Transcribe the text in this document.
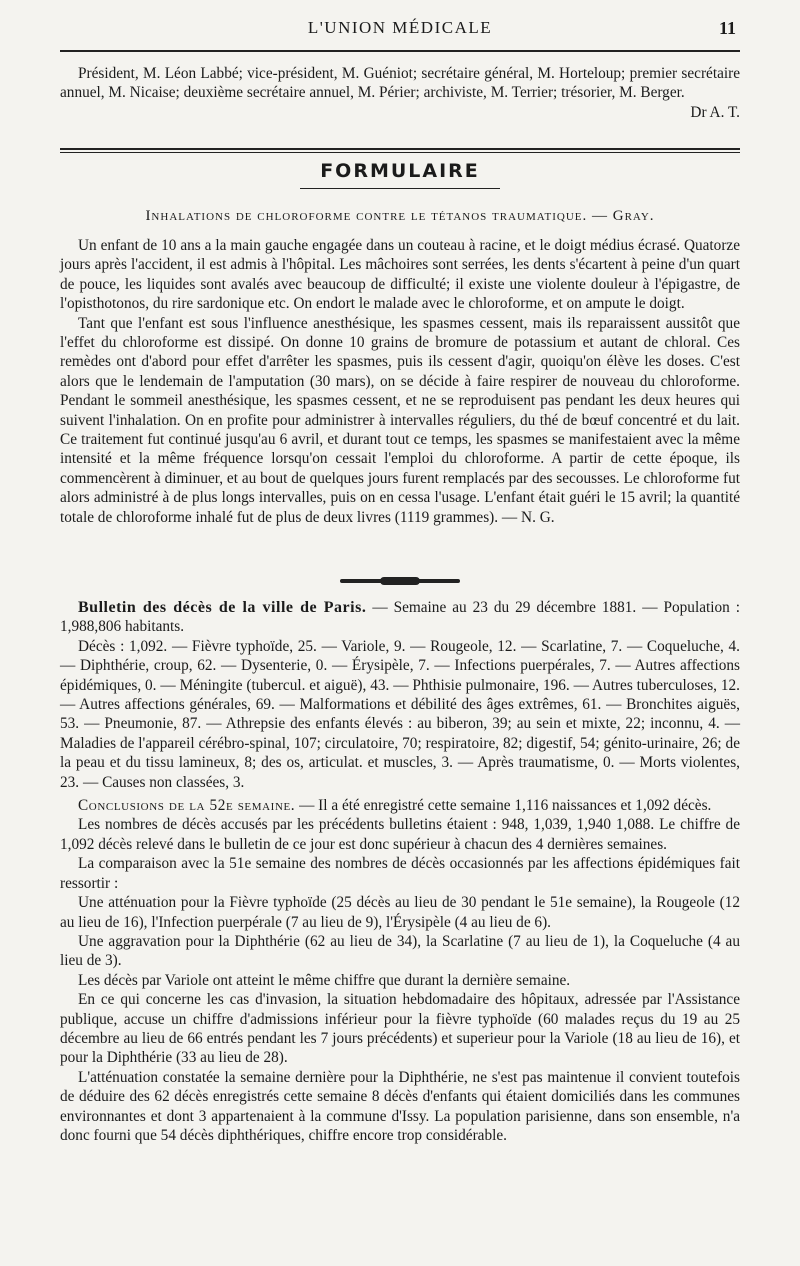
L'UNION MÉDICALE	11

Président, M. Léon Labbé; vice-président, M. Guéniot; secrétaire général, M. Horteloup; premier secrétaire annuel, M. Nicaise; deuxième secrétaire annuel, M. Périer; archiviste, M. Terrier; trésorier, M. Berger.

Dr A. T.

FORMULAIRE
Inhalations de chloroforme contre le tétanos traumatique. — Gray.

Un enfant de 10 ans a la main gauche engagée dans un couteau à racine, et le doigt médius écrasé. Quatorze jours après l'accident, il est admis à l'hôpital. Les mâchoires sont serrées, les dents s'écartent à peine d'un quart de pouce, les liquides sont avalés avec beaucoup de difficulté; il existe une violente douleur à l'épigastre, de l'opisthotonos, du rire sardonique etc. On endort le malade avec le chloroforme, et on ampute le doigt.

Tant que l'enfant est sous l'influence anesthésique, les spasmes cessent, mais ils reparaissent aussitôt que l'effet du chloroforme est dissipé. On donne 10 grains de bromure de potassium et autant de chloral. Ces remèdes ont d'abord pour effet d'arrêter les spasmes, puis ils cessent d'agir, quoiqu'on élève les doses. C'est alors que le lendemain de l'amputation (30 mars), on se décide à faire respirer de nouveau du chloroforme. Pendant le sommeil anesthésique, les spasmes cessent, et ne se reproduisent pas pendant les deux heures qui suivent l'inhalation. On en profite pour administrer à intervalles réguliers, du thé de bœuf concentré et du lait. Ce traitement fut continué jusqu'au 6 avril, et durant tout ce temps, les spasmes se manifestaient avec la même intensité et la même fréquence lorsqu'on cessait l'emploi du chloroforme. A partir de cette époque, ils commencèrent à diminuer, et au bout de quelques jours furent remplacés par des secousses. Le chloroforme fut alors administré à de plus longs intervalles, puis on en cessa l'usage. L'enfant était guéri le 15 avril; la quantité totale de chloroforme inhalé fut de plus de deux livres (1119 grammes). — N. G.

Bulletin des décès de la ville de Paris. — Semaine au 23 du 29 décembre 1881. — Population : 1,988,806 habitants.

Décès : 1,092. — Fièvre typhoïde, 25. — Variole, 9. — Rougeole, 12. — Scarlatine, 7. — Coqueluche, 4. — Diphthérie, croup, 62. — Dysenterie, 0. — Érysipèle, 7. — Infections puerpérales, 7. — Autres affections épidémiques, 0. — Méningite (tubercul. et aiguë), 43. — Phthisie pulmonaire, 196. — Autres tuberculoses, 12. — Autres affections générales, 69. — Malformations et débilité des âges extrêmes, 61. — Bronchites aiguës, 53. — Pneumonie, 87. — Athrepsie des enfants élevés : au biberon, 39; au sein et mixte, 22; inconnu, 4. — Maladies de l'appareil cérébro-spinal, 107; circulatoire, 70; respiratoire, 82; digestif, 54; génito-urinaire, 26; de la peau et du tissu lamineux, 8; des os, articulat. et muscles, 3. — Après traumatisme, 0. — Morts violentes, 23. — Causes non classées, 3.

Conclusions de la 52e semaine. — Il a été enregistré cette semaine 1,116 naissances et 1,092 décès.

Les nombres de décès accusés par les précédents bulletins étaient : 948, 1,039, 1,940 1,088. Le chiffre de 1,092 décès relevé dans le bulletin de ce jour est donc supérieur à chacun des 4 dernières semaines.

La comparaison avec la 51e semaine des nombres de décès occasionnés par les affections épidémiques fait ressortir :

Une atténuation pour la Fièvre typhoïde (25 décès au lieu de 30 pendant le 51e semaine), la Rougeole (12 au lieu de 16), l'Infection puerpérale (7 au lieu de 9), l'Érysipèle (4 au lieu de 6).

Une aggravation pour la Diphthérie (62 au lieu de 34), la Scarlatine (7 au lieu de 1), la Coqueluche (4 au lieu de 3).

Les décès par Variole ont atteint le même chiffre que durant la dernière semaine.

En ce qui concerne les cas d'invasion, la situation hebdomadaire des hôpitaux, adressée par l'Assistance publique, accuse un chiffre d'admissions inférieur pour la fièvre typhoïde (60 malades reçus du 19 au 25 décembre au lieu de 66 entrés pendant les 7 jours précédents) et superieur pour la Variole (18 au lieu de 16), et pour la Diphthérie (33 au lieu de 28).

L'atténuation constatée la semaine dernière pour la Diphthérie, ne s'est pas maintenue il convient toutefois de déduire des 62 décès enregistrés cette semaine 8 décès d'enfants qui étaient domiciliés dans les communes environnantes et dont 3 appartenaient à la commune d'Issy. La population parisienne, dans son ensemble, n'a donc fourni que 54 décès diphthériques, chiffre encore trop considérable.
